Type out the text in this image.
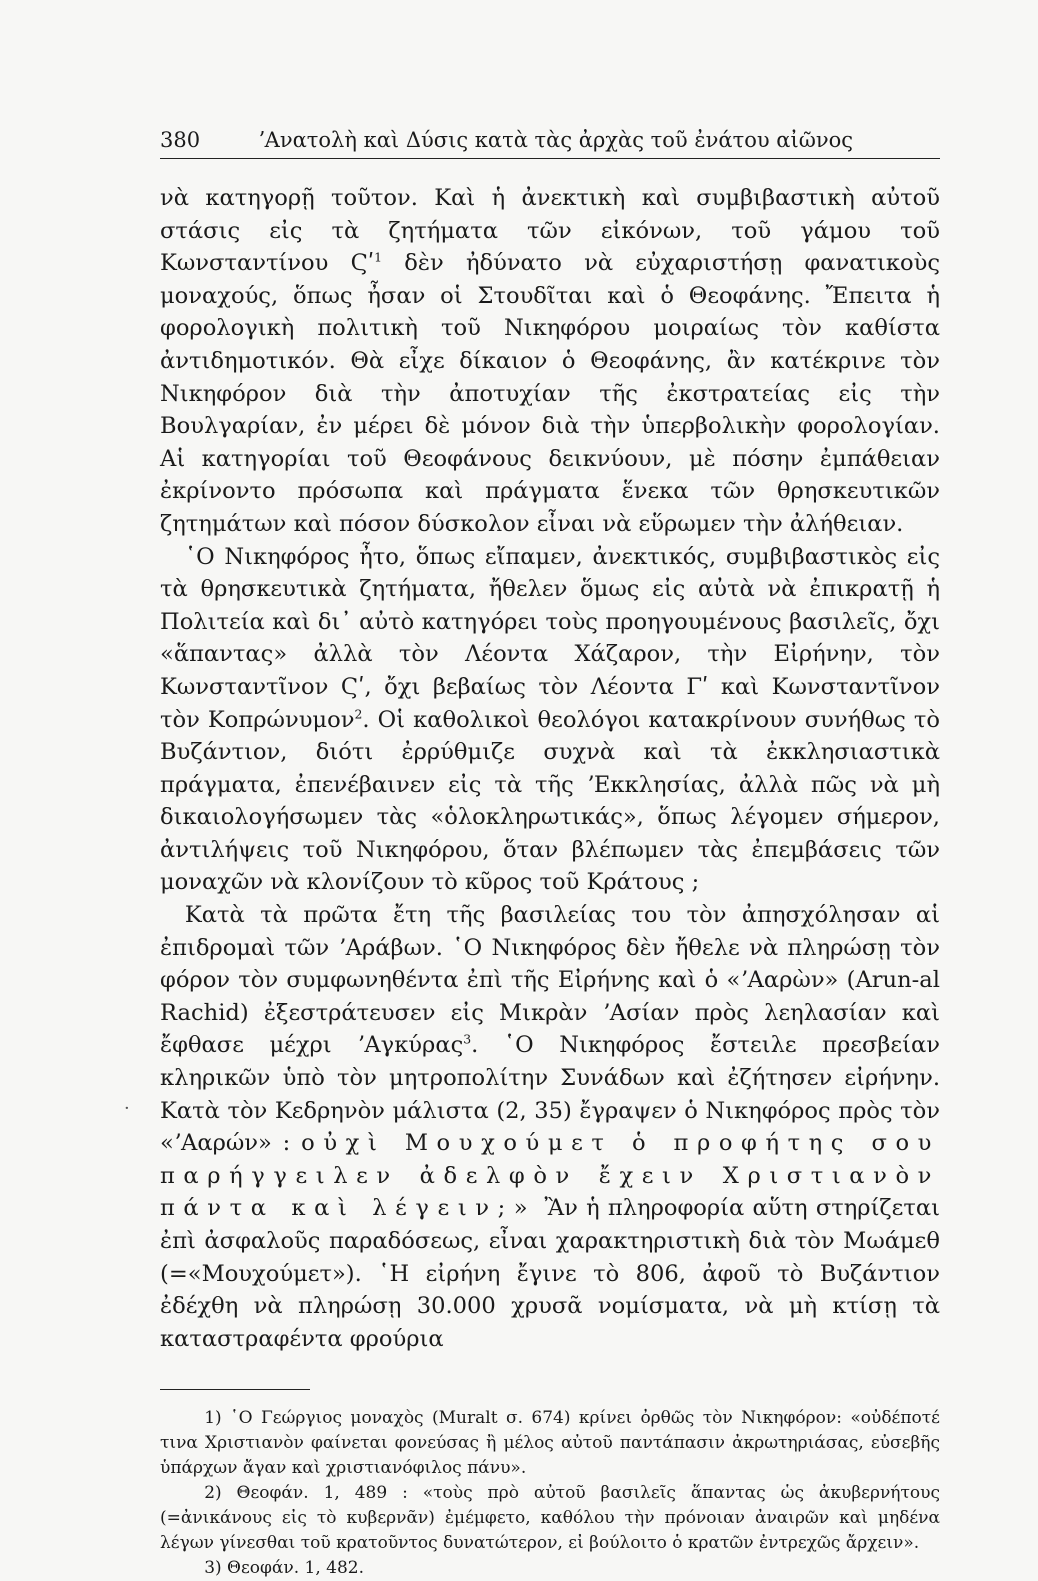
·
380	ʼΑνατολὴ καὶ Δύσις κατὰ τὰς ἀρχὰς τοῦ ἐνάτου αἰῶνος

νὰ κατηγορῇ τοῦτον. Καὶ ἡ ἀνεκτικὴ καὶ συμβιβαστικὴ αὐτοῦ στάσις εἰς τὰ ζητήματα τῶν εἰκόνων, τοῦ γάμου τοῦ Κωνσταντίνου Ϛʹ$^1$ δὲν ἠδύνατο νὰ εὐχαριστήσῃ φανατικοὺς μοναχούς, ὅπως ἦσαν οἱ Στουδῖται καὶ ὁ Θεοφάνης. Ἔπειτα ἡ φορολογικὴ πολιτικὴ τοῦ Νικηφόρου μοιραίως τὸν καθίστα ἀντιδημοτικόν. Θὰ εἶχε δίκαιον ὁ Θεοφάνης, ἂν κατέκρινε τὸν Νικηφόρον διὰ τὴν ἀποτυχίαν τῆς ἐκστρατείας εἰς τὴν Βουλγαρίαν, ἐν μέρει δὲ μόνον διὰ τὴν ὑπερβολικὴν φορολογίαν. Αἱ κατηγορίαι τοῦ Θεοφάνους δεικνύουν, μὲ πόσην ἐμπάθειαν ἐκρίνοντο πρόσωπα καὶ πράγματα ἕνεκα τῶν θρησκευτικῶν ζητημάτων καὶ πόσον δύσκολον εἶναι νὰ εὕρωμεν τὴν ἀλήθειαν.

῾Ο Νικηφόρος ἦτο, ὅπως εἴπαμεν, ἀνεκτικός, συμβιβαστικὸς εἰς τὰ θρησκευτικὰ ζητήματα, ἤθελεν ὅμως εἰς αὐτὰ νὰ ἐπικρατῇ ἡ Πολιτεία καὶ δι᾽ αὐτὸ κατηγόρει τοὺς προηγουμένους βασιλεῖς, ὄχι «ἅπαντας» ἀλλὰ τὸν Λέοντα Χάζαρον, τὴν Εἰρήνην, τὸν Κωνσταντῖνον Ϛʹ, ὄχι βεβαίως τὸν Λέοντα Γʹ καὶ Κωνσταντῖνον τὸν Κοπρώνυμον$^2$. Οἱ καθολικοὶ θεολόγοι κατακρίνουν συνήθως τὸ Βυζάντιον, διότι ἐρρύθμιζε συχνὰ καὶ τὰ ἐκκλησιαστικὰ πράγματα, ἐπενέβαινεν εἰς τὰ τῆς ʼΕκκλησίας, ἀλλὰ πῶς νὰ μὴ δικαιολογήσωμεν τὰς «ὁλοκληρωτικάς», ὅπως λέγομεν σήμερον, ἀντιλήψεις τοῦ Νικηφόρου, ὅταν βλέπωμεν τὰς ἐπεμβάσεις τῶν μοναχῶν νὰ κλονίζουν τὸ κῦρος τοῦ Κράτους ;

Κατὰ τὰ πρῶτα ἔτη τῆς βασιλείας του τὸν ἀπησχόλησαν αἱ ἐπιδρομαὶ τῶν ʼΑράβων. ῾Ο Νικηφόρος δὲν ἤθελε νὰ πληρώσῃ τὸν φόρον τὸν συμφωνηθέντα ἐπὶ τῆς Εἰρήνης καὶ ὁ «ʼΑαρὼν» (Arun-al Rachid) ἐξεστράτευσεν εἰς Μικρὰν ʼΑσίαν πρὸς λεηλασίαν καὶ ἔφθασε μέχρι ʼΑγκύρας$^3$. ῾Ο Νικηφόρος ἔστειλε πρεσβείαν κληρικῶν ὑπὸ τὸν μητροπολίτην Συνάδων καὶ ἐζήτησεν εἰρήνην. Κατὰ τὸν Κεδρηνὸν μάλιστα (2, 35) ἔγραψεν ὁ Νικηφόρος πρὸς τὸν «ʼΑαρών» : οὐχὶ Μουχούμετ ὁ προφήτης σου παρήγγειλεν ἀδελφὸν ἔχειν Χριστιανὸν πάντα καὶ λέγειν;» Ἂν ἡ πληροφορία αὕτη στηρίζεται ἐπὶ ἀσφαλοῦς παραδόσεως, εἶναι χαρακτηριστικὴ διὰ τὸν Μωάμεθ (=«Μουχούμετ»). ῾Η εἰρήνη ἔγινε τὸ 806, ἀφοῦ τὸ Βυζάντιον ἐδέχθη νὰ πληρώσῃ 30.000 χρυσᾶ νομίσματα, νὰ μὴ κτίσῃ τὰ καταστραφέντα φρούρια

1) ῾Ο Γεώργιος μοναχὸς (Muralt σ. 674) κρίνει ὀρθῶς τὸν Νικηφόρον: «οὐδέποτέ τινα Χριστιανὸν φαίνεται φονεύσας ἢ μέλος αὐτοῦ παντάπασιν ἀκρωτηριάσας, εὐσεβῆς ὑπάρχων ἄγαν καὶ χριστιανόφιλος πάνυ».

2) Θεοφάν. 1, 489 : «τοὺς πρὸ αὐτοῦ βασιλεῖς ἅπαντας ὡς ἀκυβερνήτους (=ἀνικάνους εἰς τὸ κυβερνᾶν) ἐμέμφετο, καθόλου τὴν πρόνοιαν ἀναιρῶν καὶ μηδένα λέγων γίνεσθαι τοῦ κρατοῦντος δυνατώτερον, εἰ βούλοιτο ὁ κρατῶν ἐντρεχῶς ἄρχειν».

3) Θεοφάν. 1, 482.
